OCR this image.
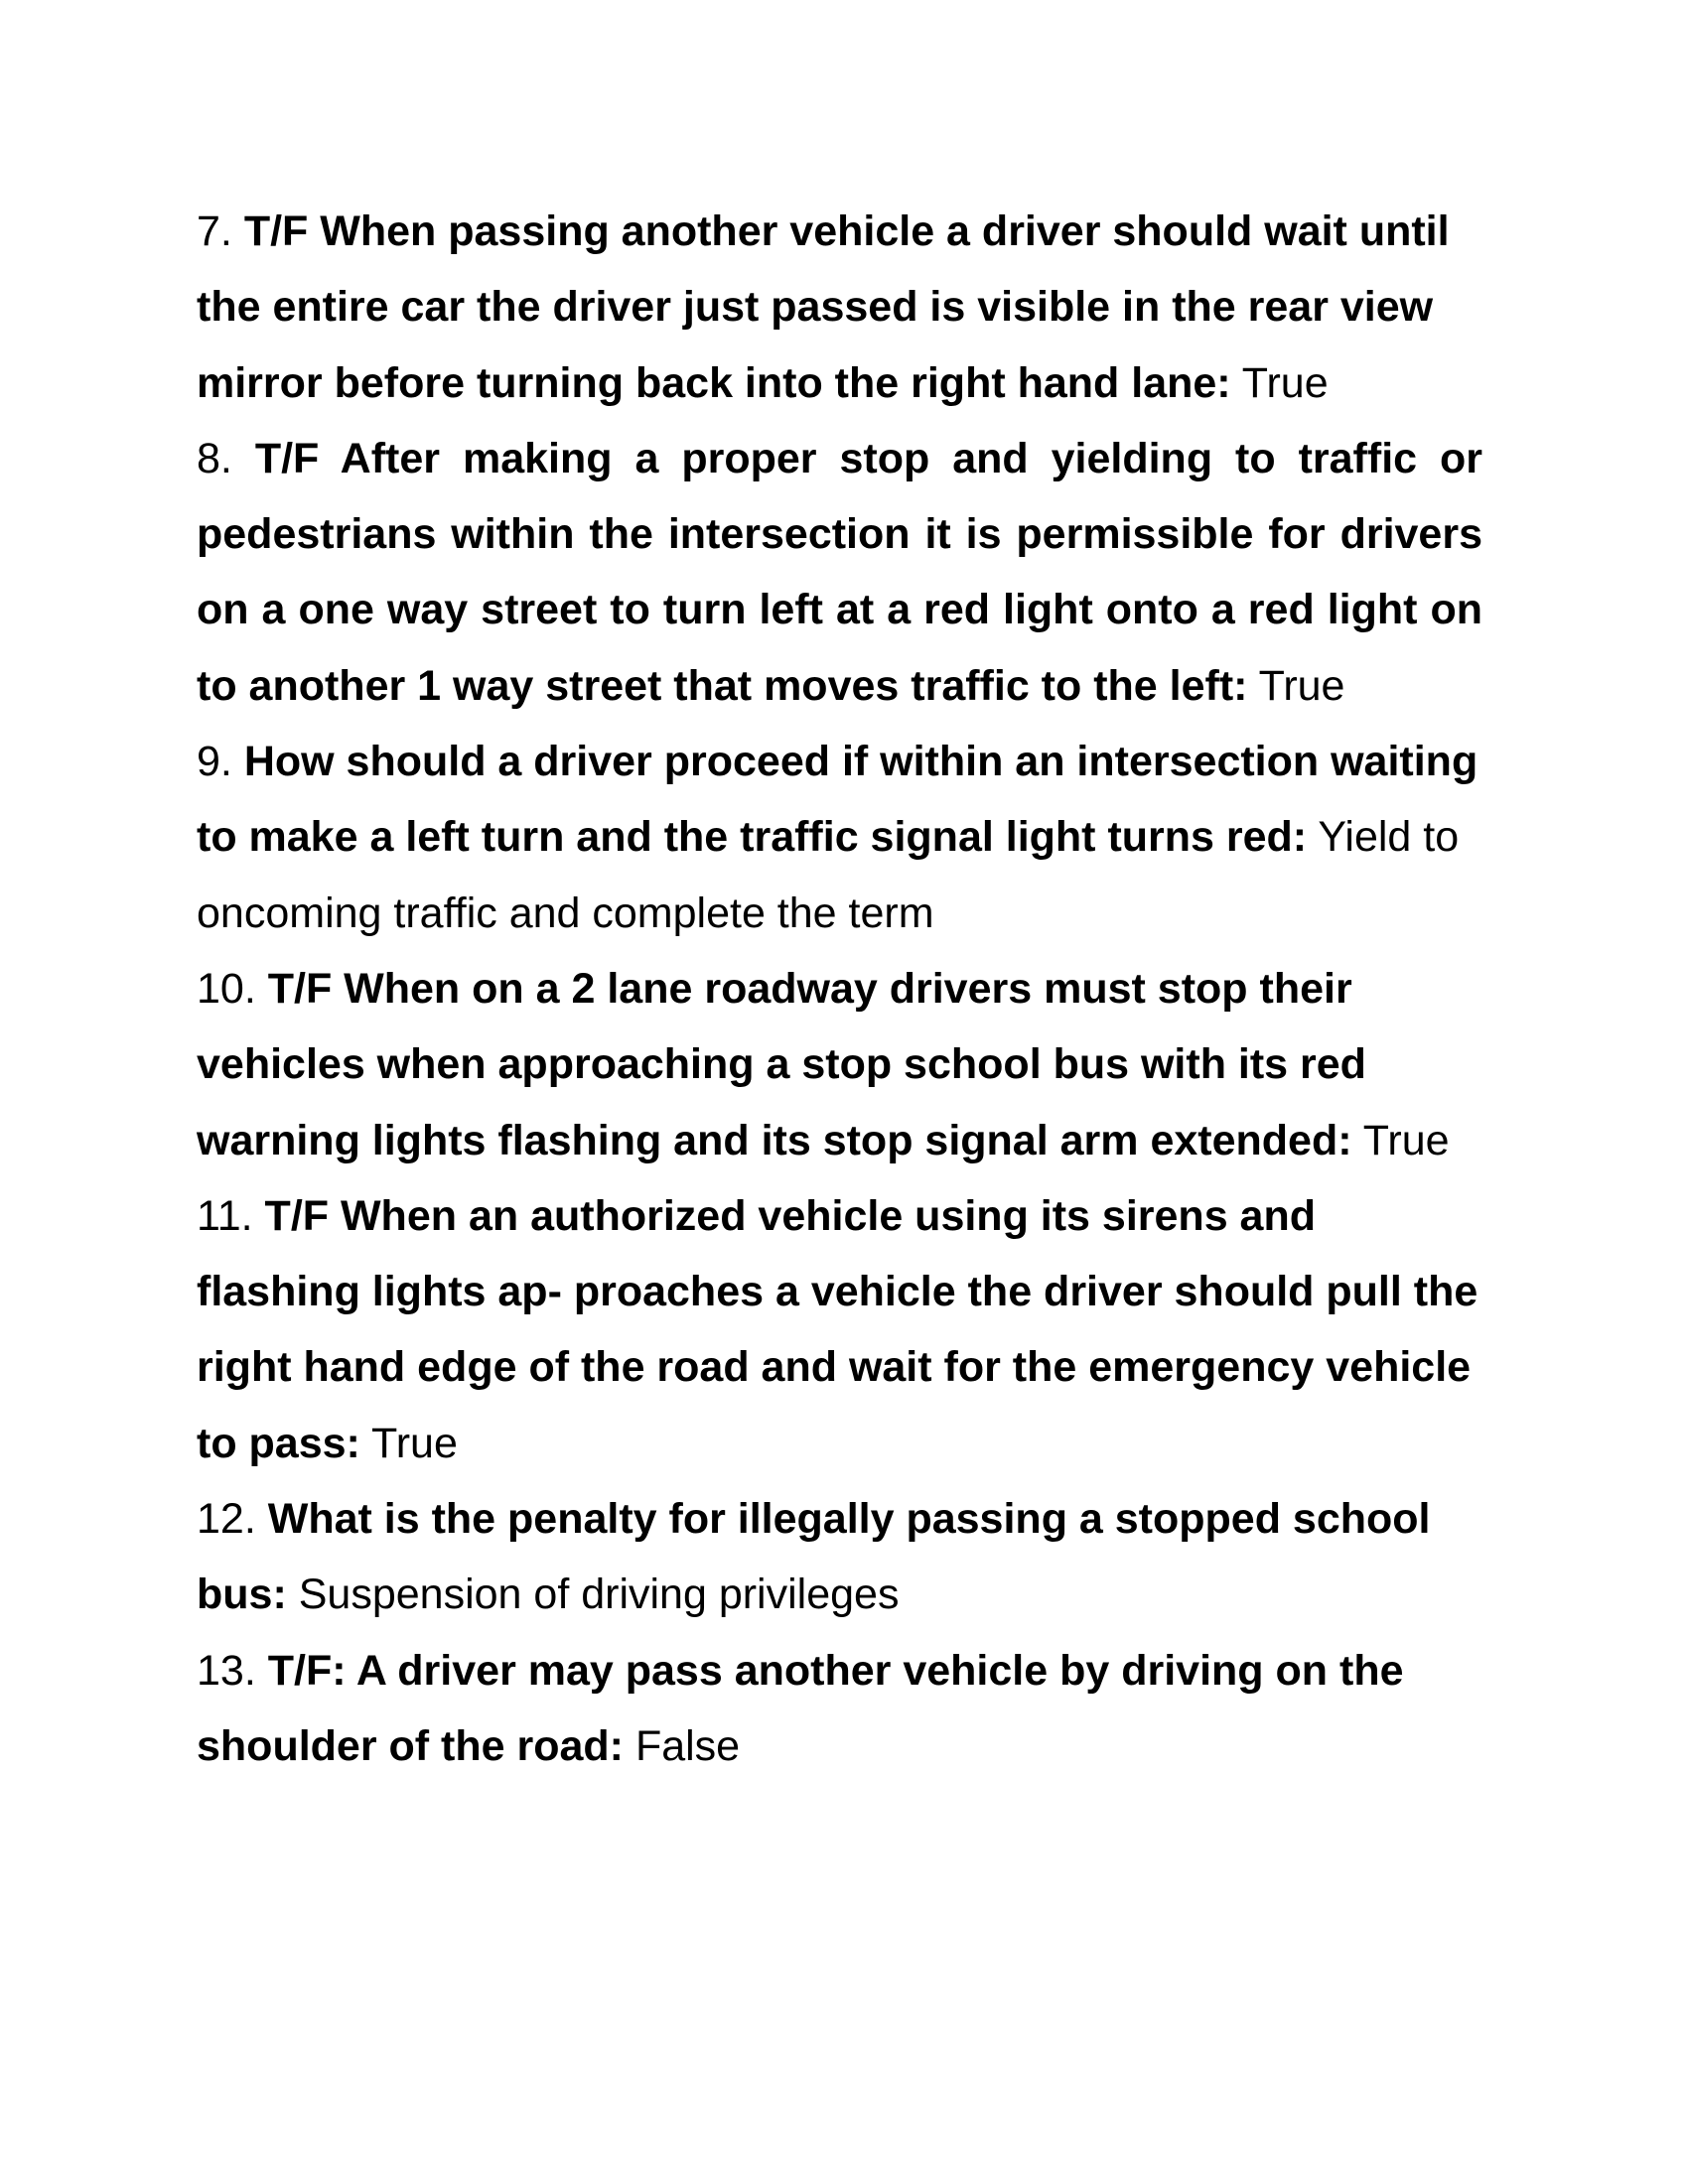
7. T/F When passing another vehicle a driver should wait until the entire car the driver just passed is visible in the rear view mirror before turning back into the right hand lane: True

8. T/F After making a proper stop and yielding to traffic or pedestrians within the intersection it is permissible for drivers on a one way street to turn left at a red light onto a red light on to another 1 way street that moves traffic to the left: True

9. How should a driver proceed if within an intersection waiting to make a left turn and the traffic signal light turns red: Yield to oncoming traffic and complete the term

10. T/F When on a 2 lane roadway drivers must stop their vehicles when approaching a stop school bus with its red warning lights flashing and its stop signal arm extended: True

11. T/F When an authorized vehicle using its sirens and flashing lights ap- proaches a vehicle the driver should pull the right hand edge of the road and wait for the emergency vehicle to pass: True

12. What is the penalty for illegally passing a stopped school bus: Suspension of driving privileges

13. T/F: A driver may pass another vehicle by driving on the shoulder of the road: False
